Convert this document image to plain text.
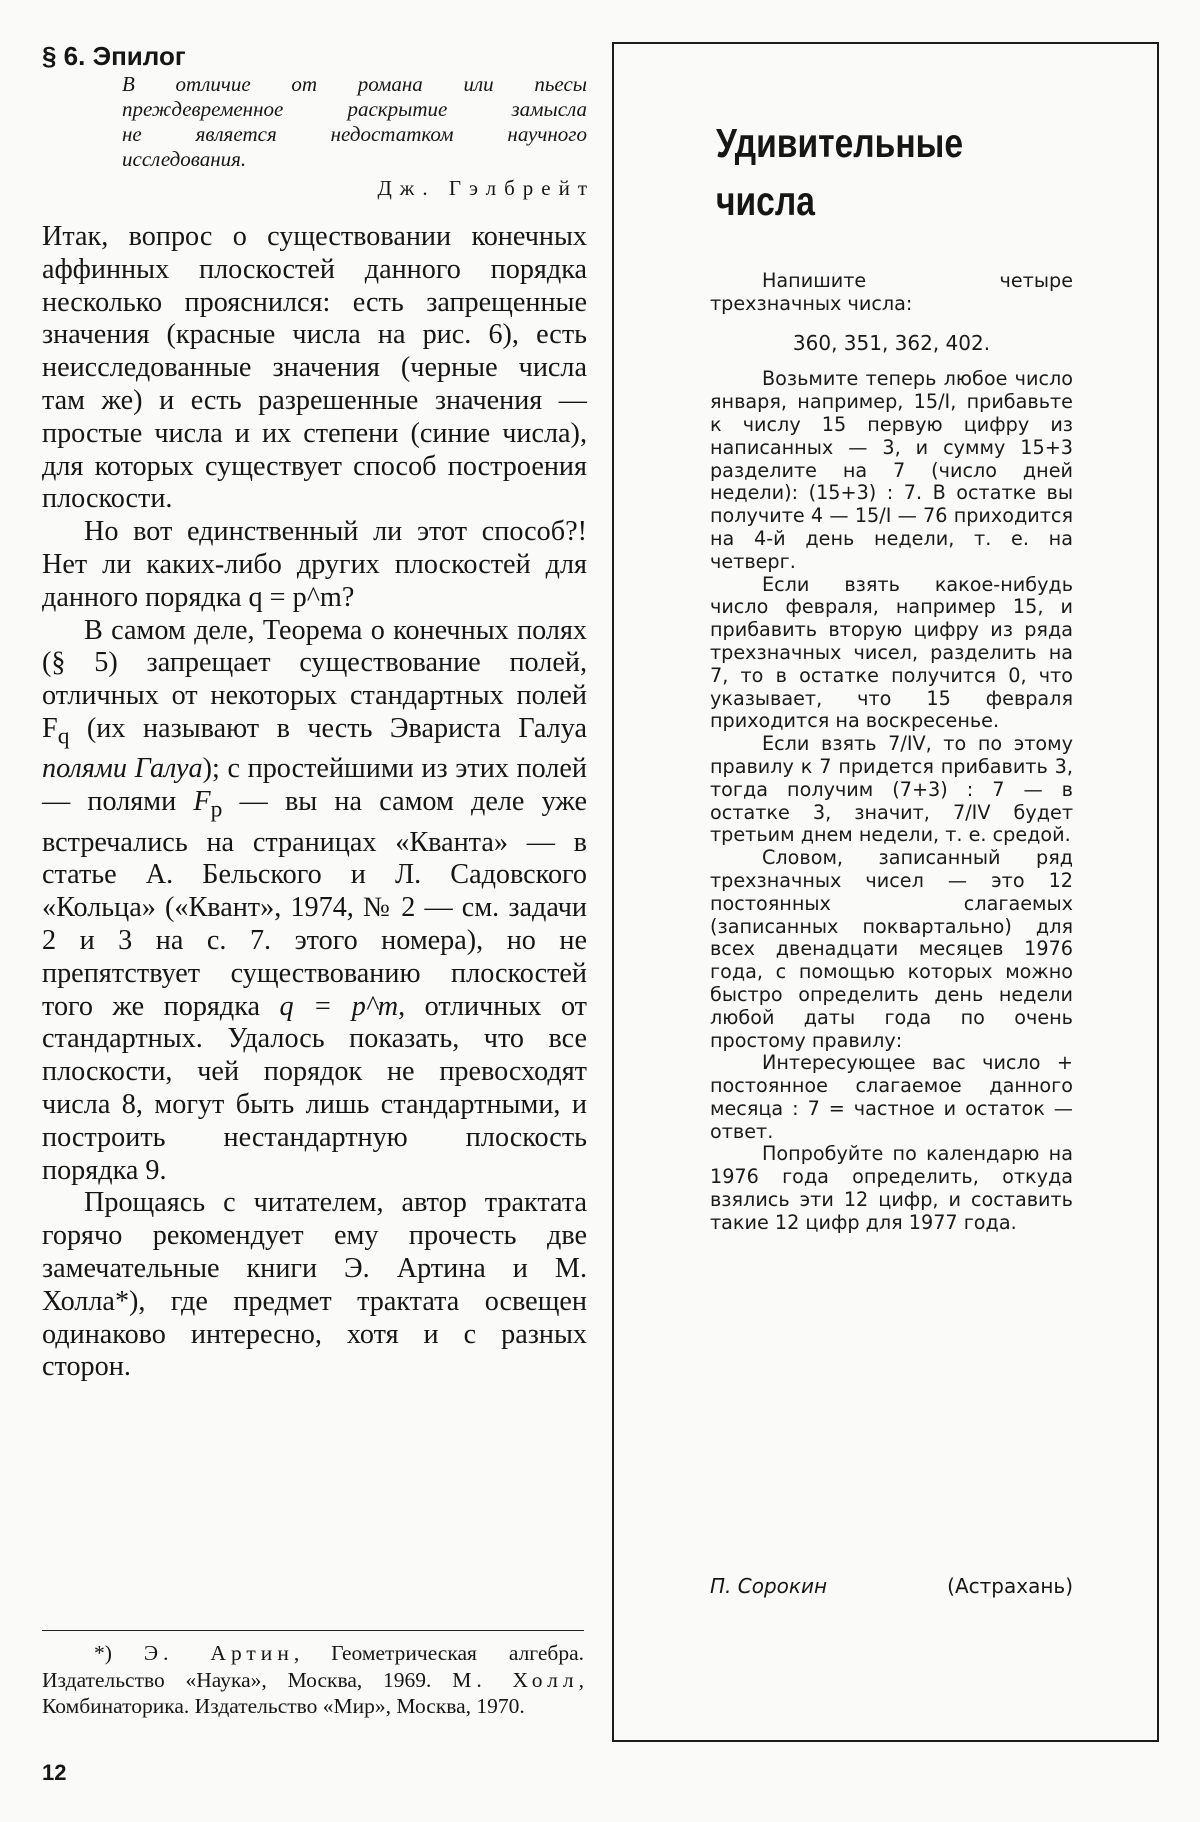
§ 6. Эпилог
В отличие от романа или пьесы
преждевременное раскрытие замысла
не является недостатком научного
исследования.
Дж. Гэлбрейт

Итак, вопрос о существовании конечных аффинных плоскостей данного порядка несколько прояснился: есть запрещенные значения (красные числа на рис. 6), есть неисследованные значения (черные числа там же) и есть разрешенные значения — простые числа и их степени (синие числа), для которых существует способ построения плоскости.

Но вот единственный ли этот способ?! Нет ли каких-либо других плоскостей для данного порядка q = p^m?

В самом деле, Теорема о конечных полях (§ 5) запрещает существование полей, отличных от некоторых стандартных полей $F_q$ (их называют в честь Эвариста Галуа полями Галуа); с простейшими из этих полей — полями $F_p$ — вы на самом деле уже встречались на страницах «Кванта» — в статье А. Бельского и Л. Садовского «Кольца» («Квант», 1974, № 2 — см. задачи 2 и 3 на с. 7. этого номера), но не препятствует существованию плоскостей того же порядка q = p^m, отличных от стандартных. Удалось показать, что все плоскости, чей порядок не превосходят числа 8, могут быть лишь стандартными, и построить нестандартную плоскость порядка 9.

Прощаясь с читателем, автор трактата горячо рекомендует ему прочесть две замечательные книги Э. Артина и М. Холла*), где предмет трактата освещен одинаково интересно, хотя и с разных сторон.

*) Э. Артин, Геометрическая алгебра. Издательство «Наука», Москва, 1969. М. Холл, Комбинаторика. Издательство «Мир», Москва, 1970.

12
Удивительные
числа

Напишите четыре трехзначных числа:

360, 351, 362, 402.

Возьмите теперь любое число января, например, 15/I, прибавьте к числу 15 первую цифру из написанных — 3, и сумму 15+3 разделите на 7 (число дней недели): (15+3) : 7. В остатке вы получите 4 — 15/I — 76 приходится на 4-й день недели, т. е. на четверг.

Если взять какое-нибудь число февраля, например 15, и прибавить вторую цифру из ряда трехзначных чисел, разделить на 7, то в остатке получится 0, что указывает, что 15 февраля приходится на воскресенье.

Если взять 7/IV, то по этому правилу к 7 придется прибавить 3, тогда получим (7+3) : 7 — в остатке 3, значит, 7/IV будет третьим днем недели, т. е. средой.

Словом, записанный ряд трехзначных чисел — это 12 постоянных слагаемых (записанных поквартально) для всех двенадцати месяцев 1976 года, с помощью которых можно быстро определить день недели любой даты года по очень простому правилу:

Интересующее вас число + постоянное слагаемое данного месяца : 7 = частное и остаток — ответ.

Попробуйте по календарю на 1976 года определить, откуда взялись эти 12 цифр, и составить такие 12 цифр для 1977 года.

П. Сорокин	(Астрахань)
